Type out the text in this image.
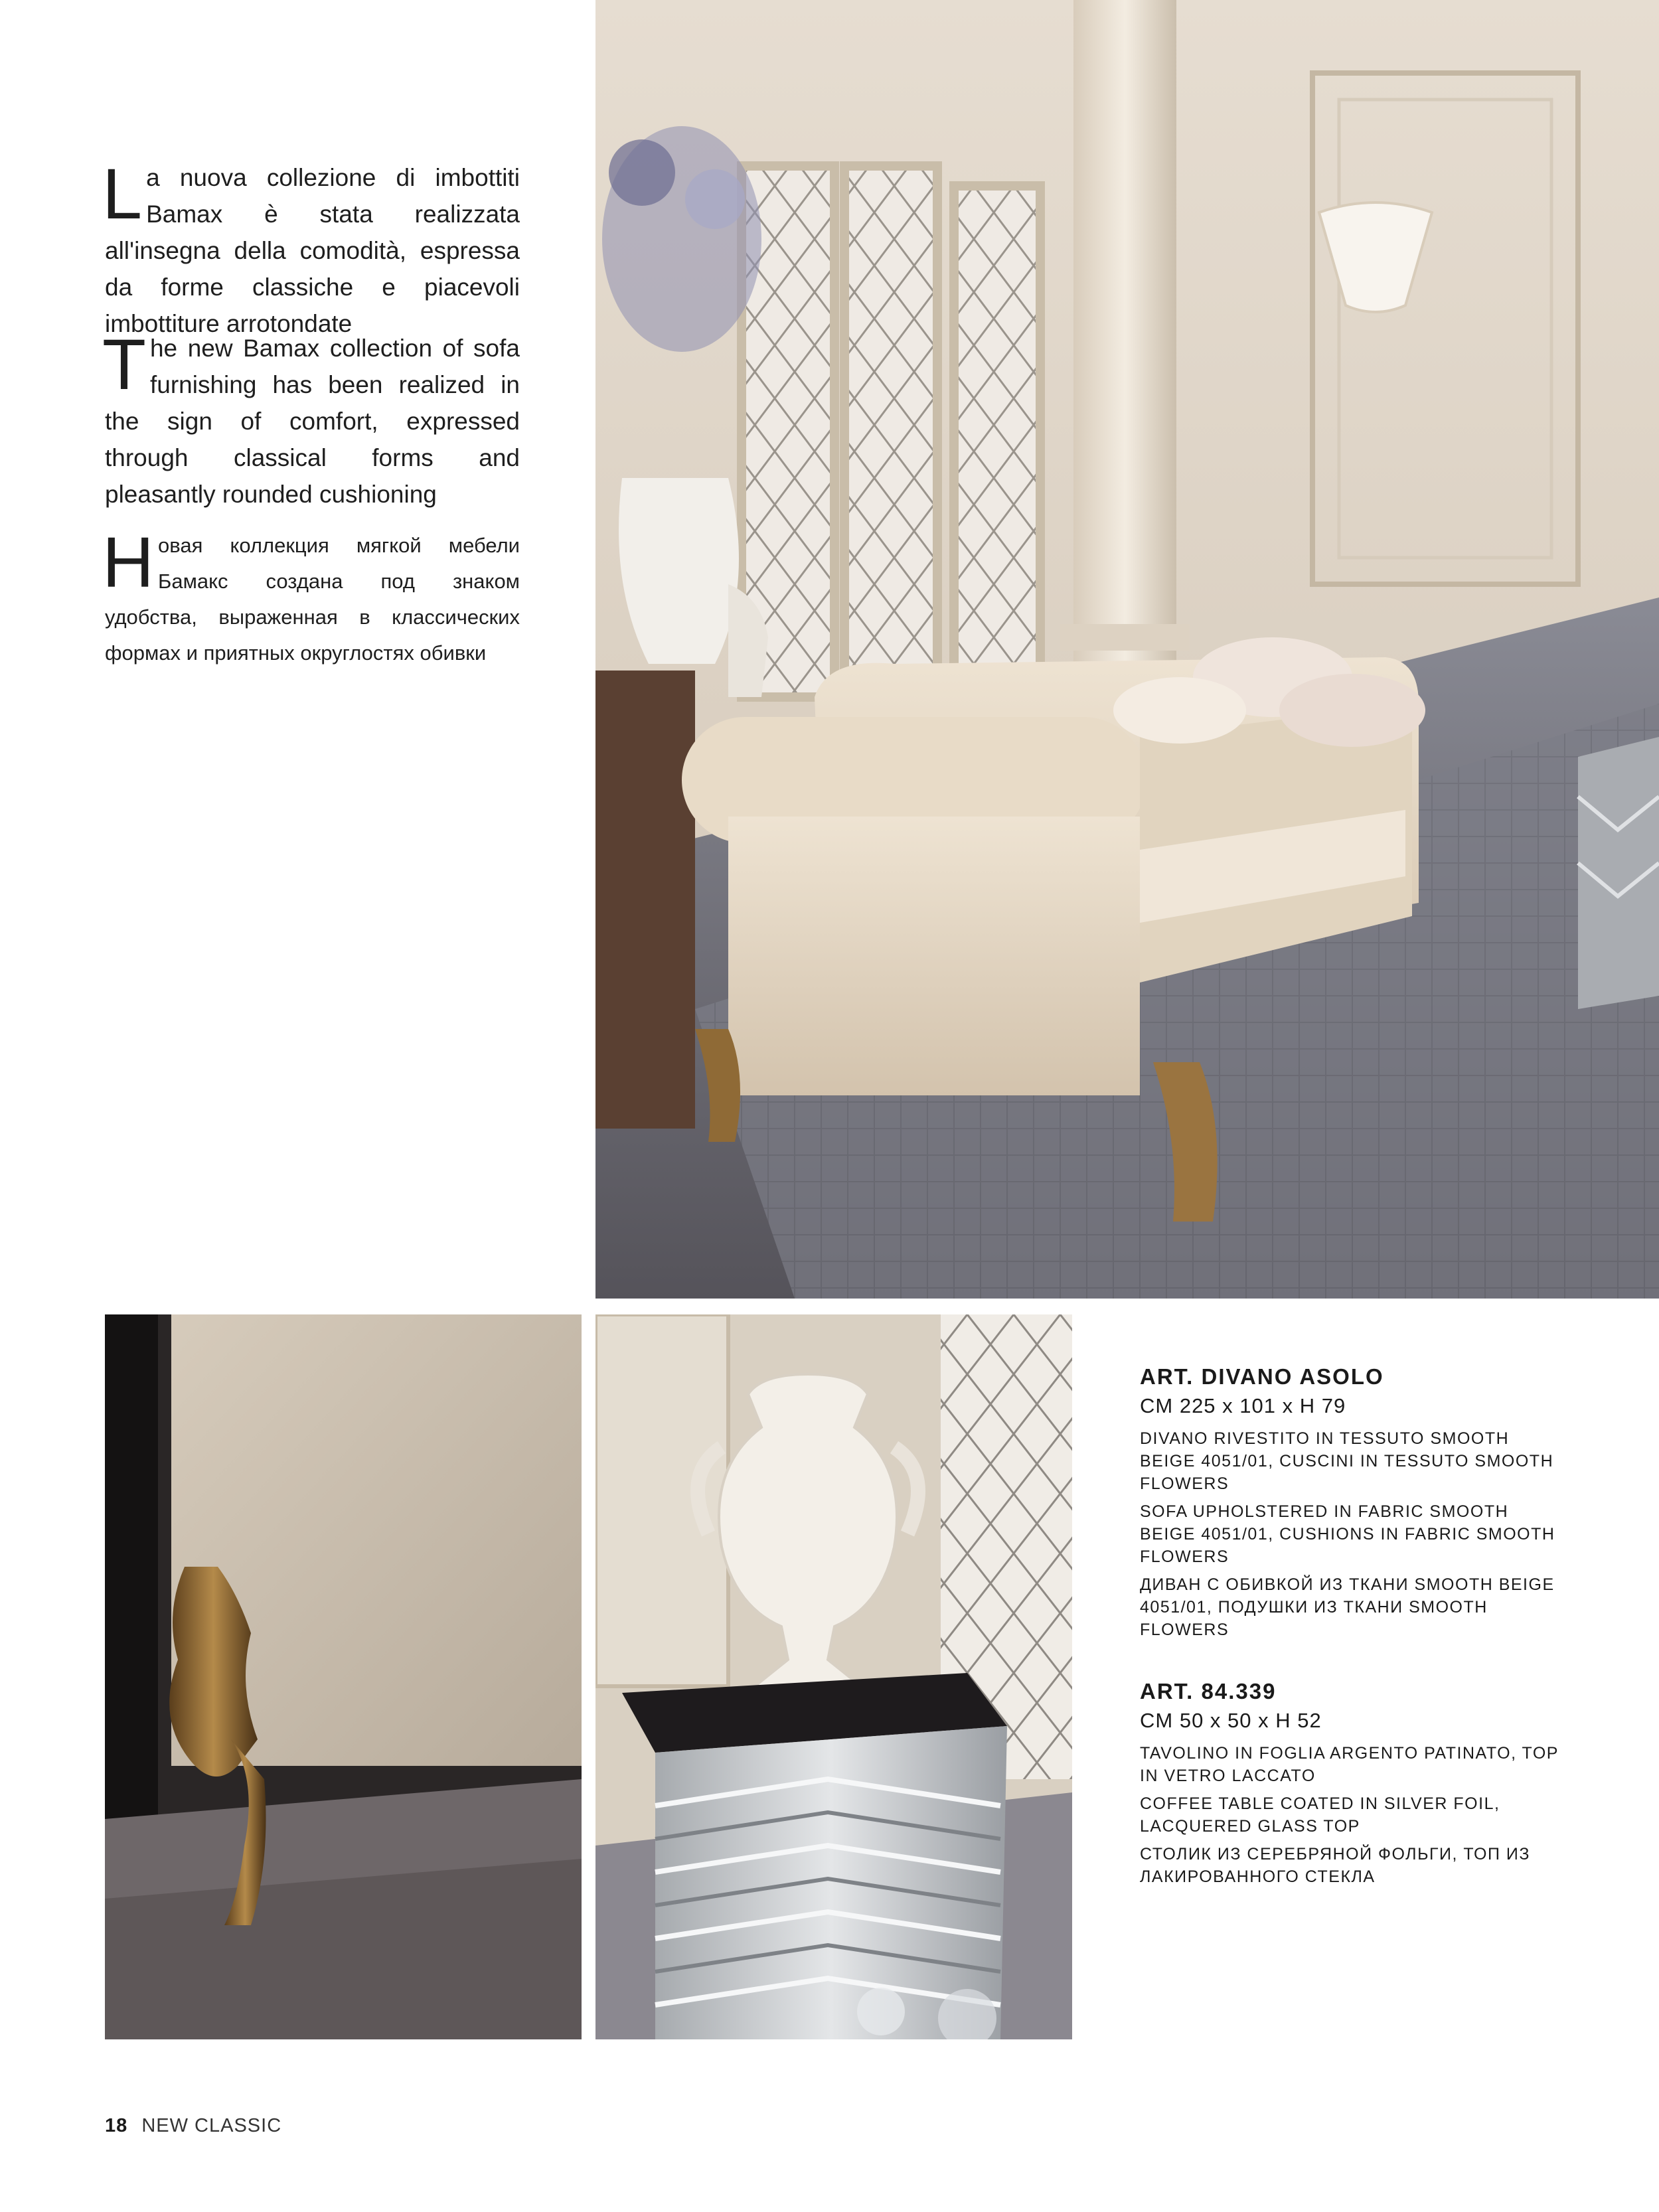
L a nuova collezione di imbottiti Bamax è stata realizzata all'insegna della comodità, espressa da forme classiche e piacevoli imbottiture arrotondate
T he new Bamax collection of sofa furnishing has been realized in the sign of comfort, expressed through classical forms and pleasantly rounded cushioning
Н овая коллекция мягкой мебели Бамакс создана под знаком удобства, выраженная в классических формах и приятных округлостях обивки

ART. DIVANO ASOLO

CM 225 x 101 x H 79

DIVANO RIVESTITO IN TESSUTO SMOOTH BEIGE 4051/01, CUSCINI IN TESSUTO SMOOTH FLOWERS

SOFA UPHOLSTERED IN FABRIC SMOOTH BEIGE 4051/01, CUSHIONS IN FABRIC SMOOTH FLOWERS

ДИВАН С ОБИВКОЙ ИЗ ТКАНИ SMOOTH BEIGE 4051/01, ПОДУШКИ ИЗ ТКАНИ SMOOTH FLOWERS

ART. 84.339

CM 50 x 50 x H 52

TAVOLINO IN FOGLIA ARGENTO PATINATO, TOP IN VETRO LACCATO

COFFEE TABLE COATED IN SILVER FOIL, LACQUERED GLASS TOP

СТОЛИК ИЗ СЕРЕБРЯНОЙ ФОЛЬГИ, ТОП ИЗ ЛАКИРОВАННОГО СТЕКЛА

18 NEW CLASSIC
